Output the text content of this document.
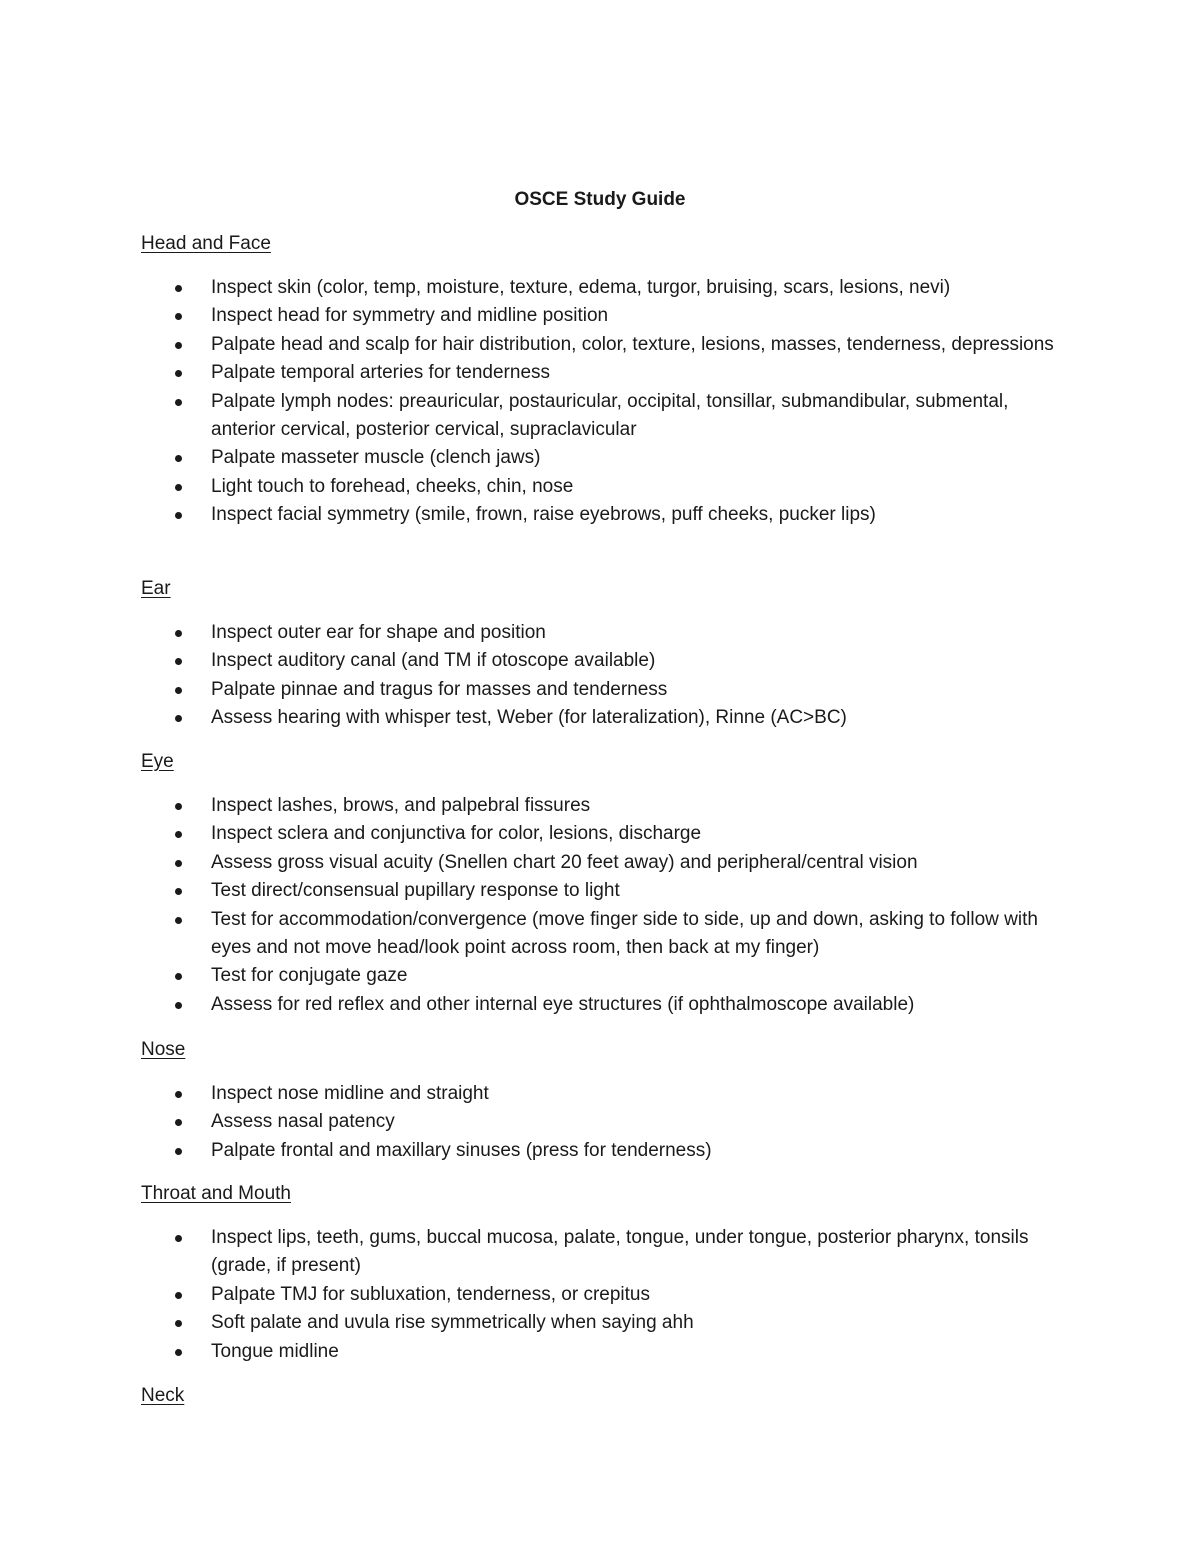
OSCE Study Guide
Head and Face
Inspect skin (color, temp, moisture, texture, edema, turgor, bruising, scars, lesions, nevi)
Inspect head for symmetry and midline position
Palpate head and scalp for hair distribution, color, texture, lesions, masses, tenderness, depressions
Palpate temporal arteries for tenderness
Palpate lymph nodes: preauricular, postauricular, occipital, tonsillar, submandibular, submental, anterior cervical, posterior cervical, supraclavicular
Palpate masseter muscle (clench jaws)
Light touch to forehead, cheeks, chin, nose
Inspect facial symmetry (smile, frown, raise eyebrows, puff cheeks, pucker lips)
Ear
Inspect outer ear for shape and position
Inspect auditory canal (and TM if otoscope available)
Palpate pinnae and tragus for masses and tenderness
Assess hearing with whisper test, Weber (for lateralization), Rinne (AC>BC)
Eye
Inspect lashes, brows, and palpebral fissures
Inspect sclera and conjunctiva for color, lesions, discharge
Assess gross visual acuity (Snellen chart 20 feet away) and peripheral/central vision
Test direct/consensual pupillary response to light
Test for accommodation/convergence (move finger side to side, up and down, asking to follow with eyes and not move head/look point across room, then back at my finger)
Test for conjugate gaze
Assess for red reflex and other internal eye structures (if ophthalmoscope available)
Nose
Inspect nose midline and straight
Assess nasal patency
Palpate frontal and maxillary sinuses (press for tenderness)
Throat and Mouth
Inspect lips, teeth, gums, buccal mucosa, palate, tongue, under tongue, posterior pharynx, tonsils (grade, if present)
Palpate TMJ for subluxation, tenderness, or crepitus
Soft palate and uvula rise symmetrically when saying ahh
Tongue midline
Neck
